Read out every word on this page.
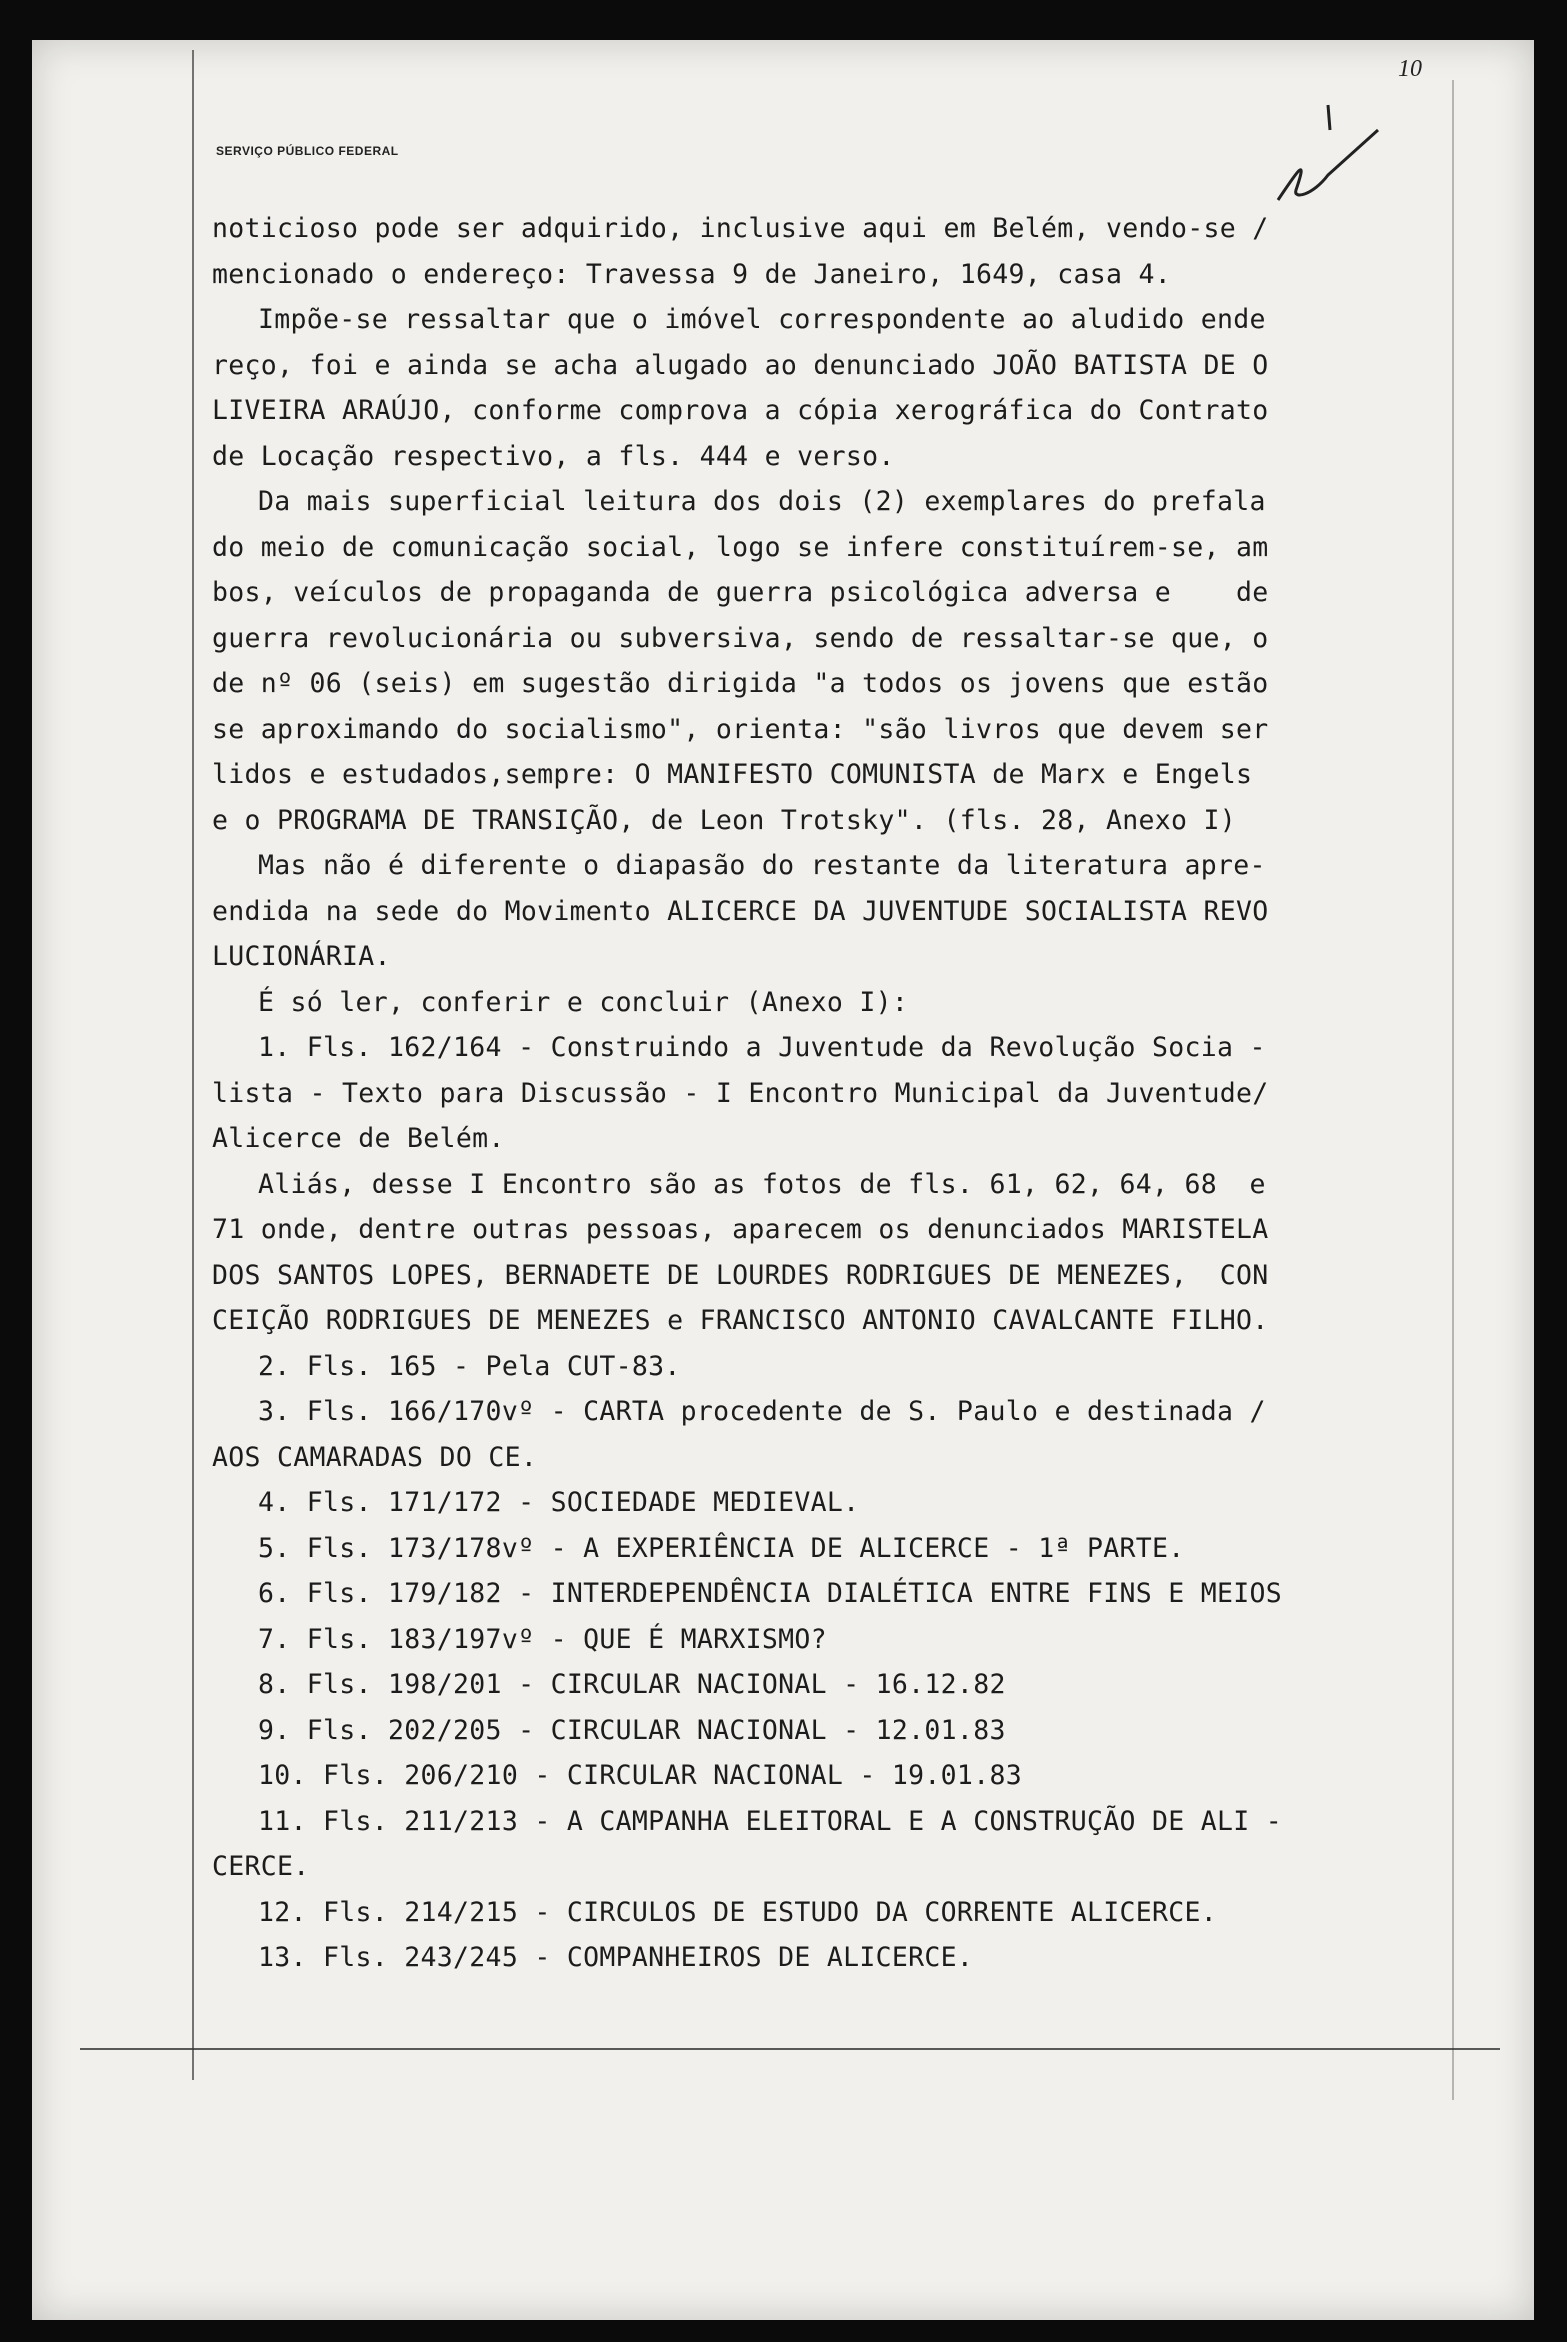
SERVIÇO PÚBLICO FEDERAL
10
noticioso pode ser adquirido, inclusive aqui em Belém, vendo-se /
mencionado o endereço: Travessa 9 de Janeiro, 1649, casa 4.
Impõe-se ressaltar que o imóvel correspondente ao aludido ende
reço, foi e ainda se acha alugado ao denunciado JOÃO BATISTA DE O
LIVEIRA ARAÚJO, conforme comprova a cópia xerográfica do Contrato
de Locação respectivo, a fls. 444 e verso.
Da mais superficial leitura dos dois (2) exemplares do prefala
do meio de comunicação social, logo se infere constituírem-se, am
bos, veículos de propaganda de guerra psicológica adversa e    de
guerra revolucionária ou subversiva, sendo de ressaltar-se que, o
de nº 06 (seis) em sugestão dirigida "a todos os jovens que estão
se aproximando do socialismo", orienta: "são livros que devem ser
lidos e estudados,sempre: O MANIFESTO COMUNISTA de Marx e Engels
e o PROGRAMA DE TRANSIÇÃO, de Leon Trotsky". (fls. 28, Anexo I)
Mas não é diferente o diapasão do restante da literatura apre-
endida na sede do Movimento ALICERCE DA JUVENTUDE SOCIALISTA REVO
LUCIONÁRIA.
É só ler, conferir e concluir (Anexo I):
1. Fls. 162/164 - Construindo a Juventude da Revolução Socia -
lista - Texto para Discussão - I Encontro Municipal da Juventude/
Alicerce de Belém.
Aliás, desse I Encontro são as fotos de fls. 61, 62, 64, 68  e
71 onde, dentre outras pessoas, aparecem os denunciados MARISTELA
DOS SANTOS LOPES, BERNADETE DE LOURDES RODRIGUES DE MENEZES,  CON
CEIÇÃO RODRIGUES DE MENEZES e FRANCISCO ANTONIO CAVALCANTE FILHO.
2. Fls. 165 - Pela CUT-83.
3. Fls. 166/170vº - CARTA procedente de S. Paulo e destinada /
AOS CAMARADAS DO CE.
4. Fls. 171/172 - SOCIEDADE MEDIEVAL.
5. Fls. 173/178vº - A EXPERIÊNCIA DE ALICERCE - 1ª PARTE.
6. Fls. 179/182 - INTERDEPENDÊNCIA DIALÉTICA ENTRE FINS E MEIOS
7. Fls. 183/197vº - QUE É MARXISMO?
8. Fls. 198/201 - CIRCULAR NACIONAL - 16.12.82
9. Fls. 202/205 - CIRCULAR NACIONAL - 12.01.83
10. Fls. 206/210 - CIRCULAR NACIONAL - 19.01.83
11. Fls. 211/213 - A CAMPANHA ELEITORAL E A CONSTRUÇÃO DE ALI -
CERCE.
12. Fls. 214/215 - CIRCULOS DE ESTUDO DA CORRENTE ALICERCE.
13. Fls. 243/245 - COMPANHEIROS DE ALICERCE.
